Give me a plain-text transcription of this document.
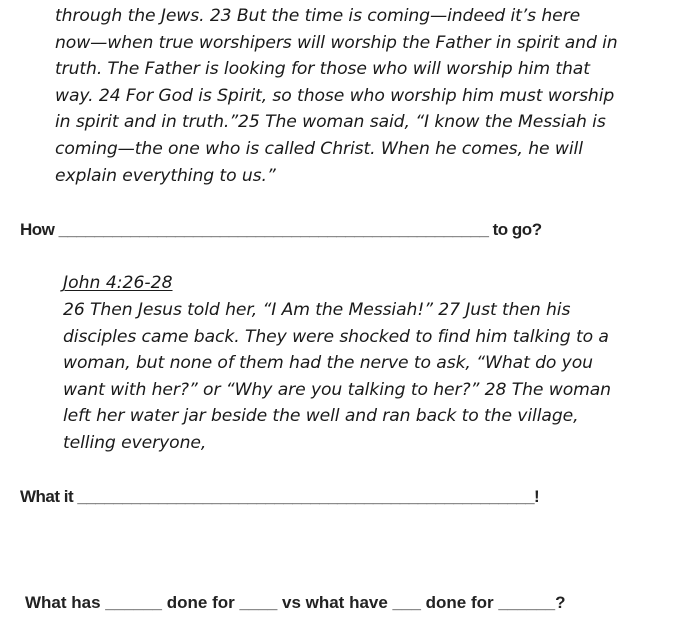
through the Jews. 23 But the time is coming—indeed it’s here
now—when true worshipers will worship the Father in spirit and in
truth. The Father is looking for those who will worship him that
way. 24 For God is Spirit, so those who worship him must worship
in spirit and in truth.”25 The woman said, “I know the Messiah is
coming—the one who is called Christ. When he comes, he will
explain everything to us.”
How ________________________________________________ to go?
John 4:26-28
26 Then Jesus told her, “I Am the Messiah!” 27 Just then his
disciples came back. They were shocked to find him talking to a
woman, but none of them had the nerve to ask, “What do you
want with her?” or “Why are you talking to her?” 28 The woman
left her water jar beside the well and ran back to the village,
telling everyone,
What it ___________________________________________________!
What has ______ done for ____ vs what have ___ done for ______?
